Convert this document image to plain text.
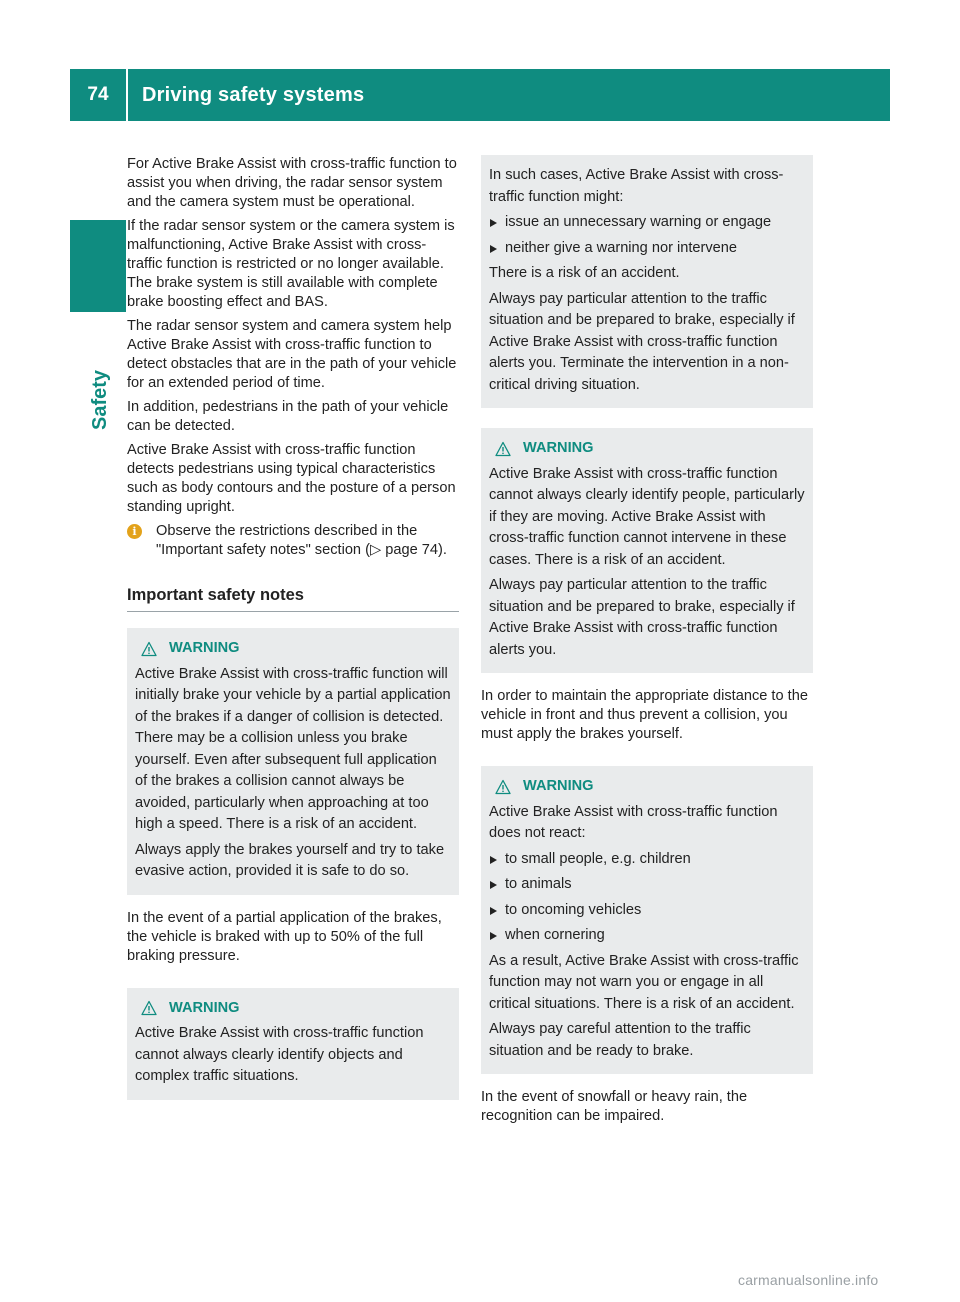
74	Driving safety systems
Safety

For Active Brake Assist with cross-traffic function to assist you when driving, the radar sensor system and the camera system must be operational.

If the radar sensor system or the camera system is malfunctioning, Active Brake Assist with cross-traffic function is restricted or no longer available. The brake system is still available with complete brake boosting effect and BAS.

The radar sensor system and camera system help Active Brake Assist with cross-traffic function to detect obstacles that are in the path of your vehicle for an extended period of time.

In addition, pedestrians in the path of your vehicle can be detected.

Active Brake Assist with cross-traffic function detects pedestrians using typical characteristics such as body contours and the posture of a person standing upright.

i	Observe the restrictions described in the "Important safety notes" section (▷ page 74).
Important safety notes
WARNING

Active Brake Assist with cross-traffic function will initially brake your vehicle by a partial application of the brakes if a danger of collision is detected. There may be a collision unless you brake yourself. Even after subsequent full application of the brakes a collision cannot always be avoided, particularly when approaching at too high a speed. There is a risk of an accident.

Always apply the brakes yourself and try to take evasive action, provided it is safe to do so.

In the event of a partial application of the brakes, the vehicle is braked with up to 50% of the full braking pressure.

WARNING

Active Brake Assist with cross-traffic function cannot always clearly identify objects and complex traffic situations.

In such cases, Active Brake Assist with cross-traffic function might:

issue an unnecessary warning or engage
neither give a warning nor intervene

There is a risk of an accident.

Always pay particular attention to the traffic situation and be prepared to brake, especially if Active Brake Assist with cross-traffic function alerts you. Terminate the intervention in a non-critical driving situation.

WARNING

Active Brake Assist with cross-traffic function cannot always clearly identify people, particularly if they are moving. Active Brake Assist with cross-traffic function cannot intervene in these cases. There is a risk of an accident.

Always pay particular attention to the traffic situation and be prepared to brake, especially if Active Brake Assist with cross-traffic function alerts you.

In order to maintain the appropriate distance to the vehicle in front and thus prevent a collision, you must apply the brakes yourself.

WARNING

Active Brake Assist with cross-traffic function does not react:

to small people, e.g. children
to animals
to oncoming vehicles
when cornering

As a result, Active Brake Assist with cross-traffic function may not warn you or engage in all critical situations. There is a risk of an accident.

Always pay careful attention to the traffic situation and be ready to brake.

In the event of snowfall or heavy rain, the recognition can be impaired.

carmanualsonline.info
